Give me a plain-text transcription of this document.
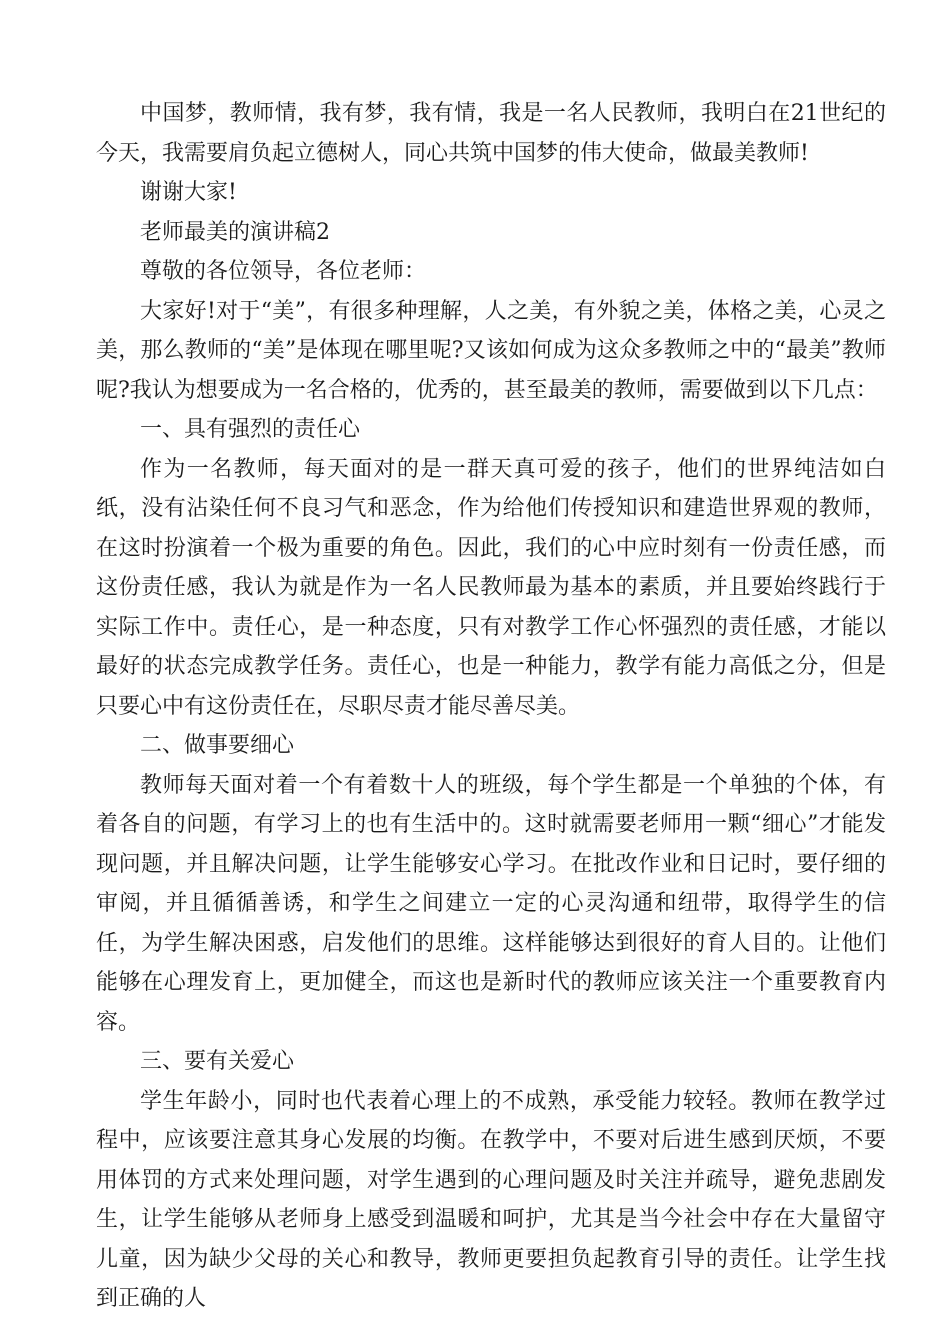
中国梦，教师情，我有梦，我有情，我是一名人民教师，我明白在21世纪的今天，我需要肩负起立德树人，同心共筑中国梦的伟大使命，做最美教师!

谢谢大家!

老师最美的演讲稿2

尊敬的各位领导，各位老师：

大家好!对于“美”，有很多种理解，人之美，有外貌之美，体格之美，心灵之美，那么教师的“美”是体现在哪里呢?又该如何成为这众多教师之中的“最美”教师呢?我认为想要成为一名合格的，优秀的，甚至最美的教师，需要做到以下几点：

一、具有强烈的责任心

作为一名教师，每天面对的是一群天真可爱的孩子，他们的世界纯洁如白纸，没有沾染任何不良习气和恶念，作为给他们传授知识和建造世界观的教师，在这时扮演着一个极为重要的角色。因此，我们的心中应时刻有一份责任感，而这份责任感，我认为就是作为一名人民教师最为基本的素质，并且要始终践行于实际工作中。责任心，是一种态度，只有对教学工作心怀强烈的责任感，才能以最好的状态完成教学任务。责任心，也是一种能力，教学有能力高低之分，但是只要心中有这份责任在，尽职尽责才能尽善尽美。

二、做事要细心

教师每天面对着一个有着数十人的班级，每个学生都是一个单独的个体，有着各自的问题，有学习上的也有生活中的。这时就需要老师用一颗“细心”才能发现问题，并且解决问题，让学生能够安心学习。在批改作业和日记时，要仔细的审阅，并且循循善诱，和学生之间建立一定的心灵沟通和纽带，取得学生的信任，为学生解决困惑，启发他们的思维。这样能够达到很好的育人目的。让他们能够在心理发育上，更加健全，而这也是新时代的教师应该关注一个重要教育内容。

三、要有关爱心

学生年龄小，同时也代表着心理上的不成熟，承受能力较轻。教师在教学过程中，应该要注意其身心发展的均衡。在教学中，不要对后进生感到厌烦，不要用体罚的方式来处理问题，对学生遇到的心理问题及时关注并疏导，避免悲剧发生，让学生能够从老师身上感受到温暖和呵护，尤其是当今社会中存在大量留守儿童，因为缺少父母的关心和教导，教师更要担负起教育引导的责任。让学生找到正确的人
